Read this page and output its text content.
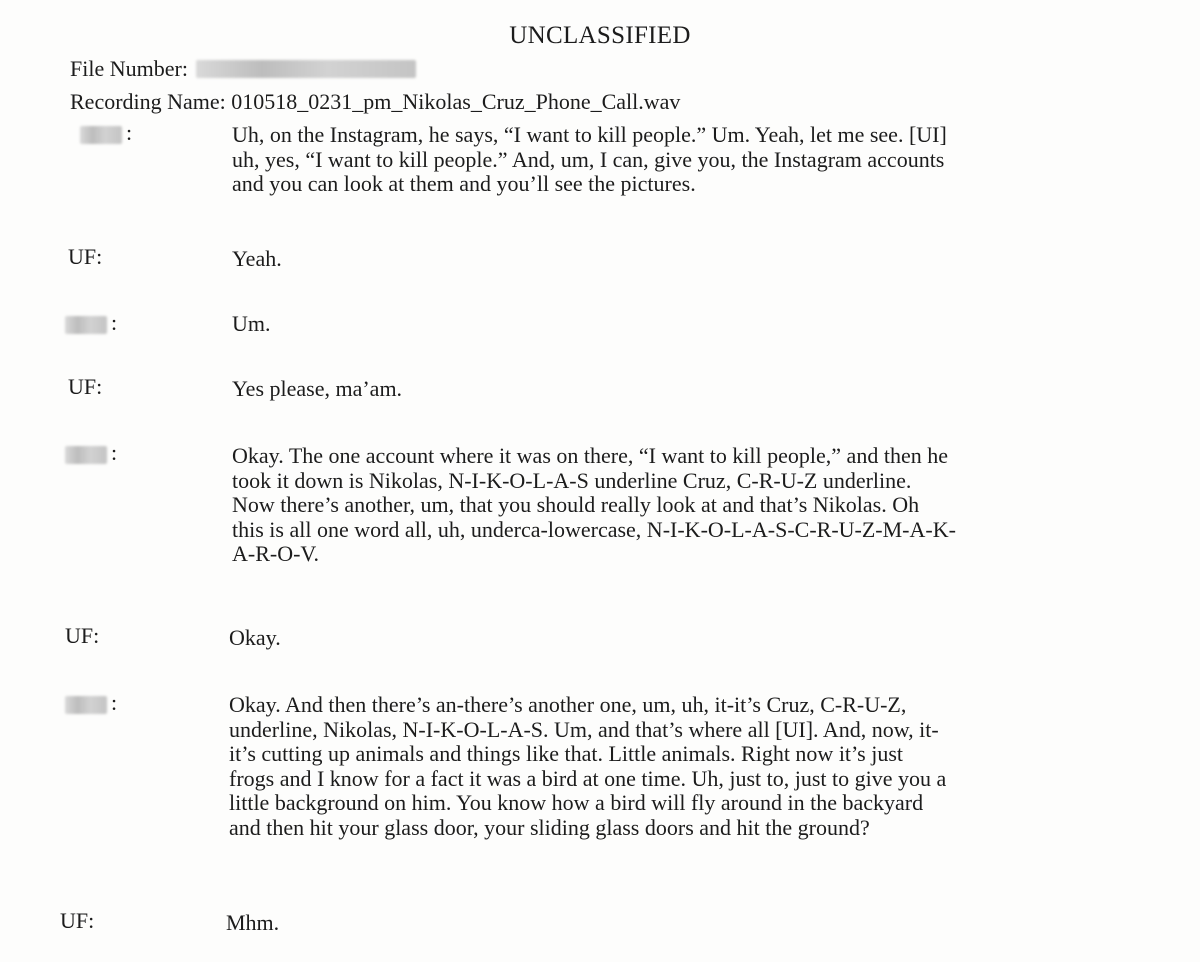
UNCLASSIFIED
File Number:
Recording Name: 010518_0231_pm_Nikolas_Cruz_Phone_Call.wav
:	Uh, on the Instagram, he says, “I want to kill people.” Um. Yeah, let me see. [UI]
uh, yes, “I want to kill people.” And, um, I can, give you, the Instagram accounts
and you can look at them and you’ll see the pictures.
UF:	Yeah.
:	Um.
UF:	Yes please, ma’am.
:	Okay. The one account where it was on there, “I want to kill people,” and then he
took it down is Nikolas, N-I-K-O-L-A-S underline Cruz, C-R-U-Z underline.
Now there’s another, um, that you should really look at and that’s Nikolas. Oh
this is all one word all, uh, underca-lowercase, N-I-K-O-L-A-S-C-R-U-Z-M-A-K-
A-R-O-V.
UF:	Okay.
:	Okay. And then there’s an-there’s another one, um, uh, it-it’s Cruz, C-R-U-Z,
underline, Nikolas, N-I-K-O-L-A-S. Um, and that’s where all [UI]. And, now, it-
it’s cutting up animals and things like that. Little animals. Right now it’s just
frogs and I know for a fact it was a bird at one time. Uh, just to, just to give you a
little background on him. You know how a bird will fly around in the backyard
and then hit your glass door, your sliding glass doors and hit the ground?
UF:	Mhm.
